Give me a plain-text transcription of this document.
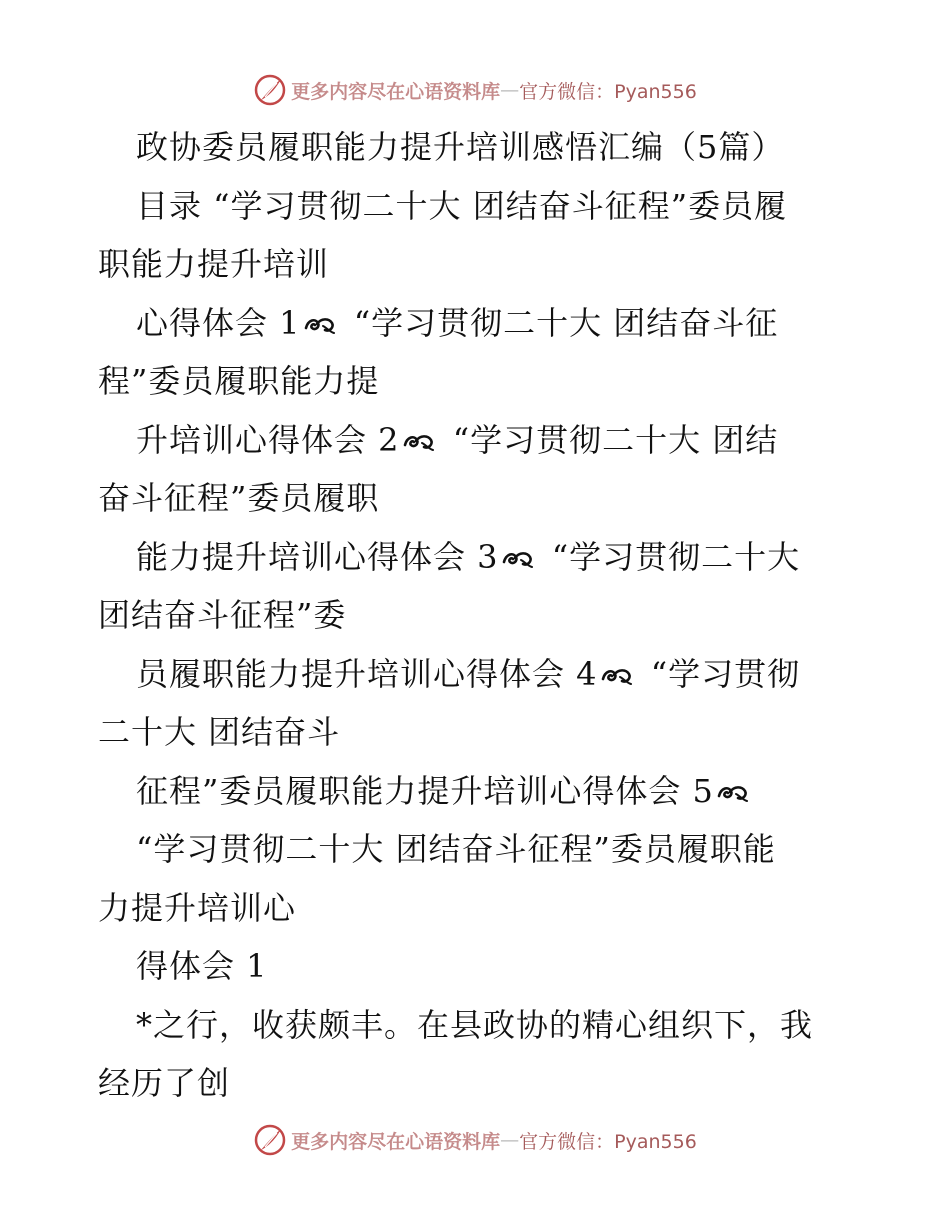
更多内容尽在心语资料库 — 官方微信：Pyan556
政协委员履职能力提升培训感悟汇编（5篇）
目录 “学习贯彻二十大 团结奋斗征程”委员履
职能力提升培训
心得体会 1 “学习贯彻二十大 团结奋斗征
程”委员履职能力提
升培训心得体会 2 “学习贯彻二十大 团结
奋斗征程”委员履职
能力提升培训心得体会 3 “学习贯彻二十大
团结奋斗征程”委
员履职能力提升培训心得体会 4 “学习贯彻
二十大 团结奋斗
征程”委员履职能力提升培训心得体会 5
“学习贯彻二十大 团结奋斗征程”委员履职能
力提升培训心
得体会 1
*之行，收获颇丰。在县政协的精心组织下，我
经历了创
更多内容尽在心语资料库 — 官方微信：Pyan556
